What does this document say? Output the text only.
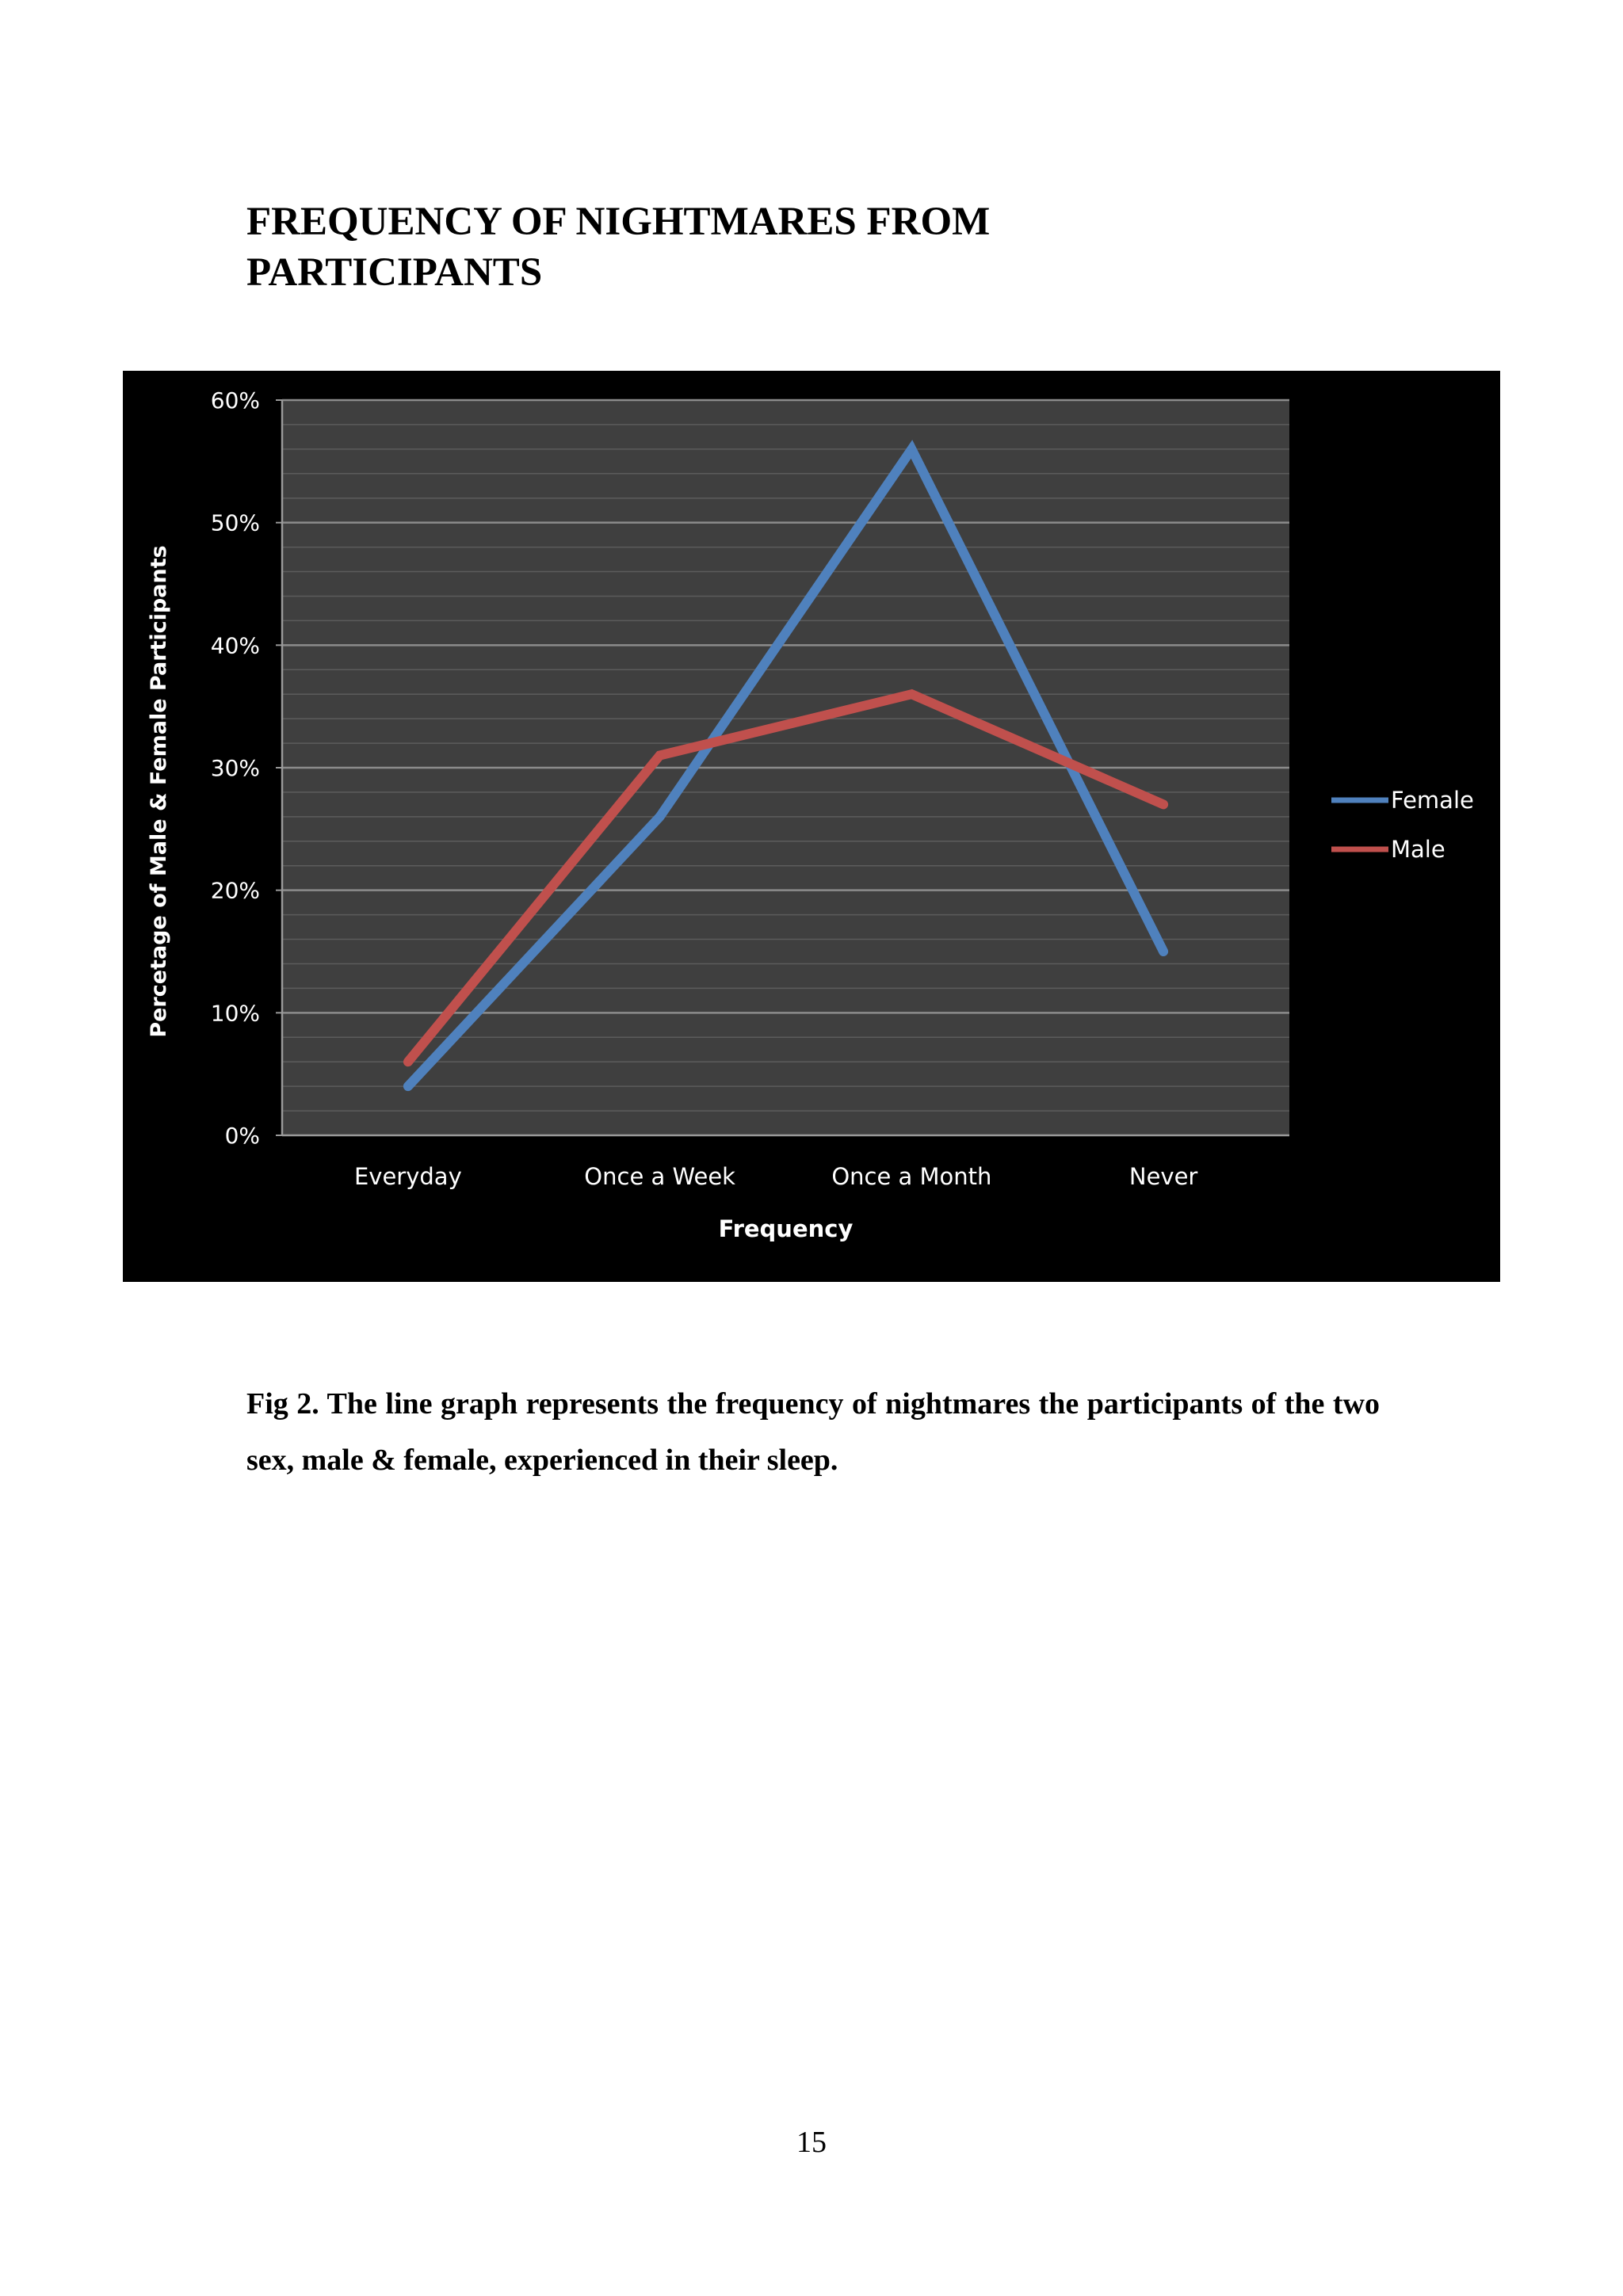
FREQUENCY OF NIGHTMARES FROM
PARTICIPANTS
0%
10%
20%
30%
40%
50%
60%
Everyday	Once a Week	Once a Month	Never
Frequency
Percetage of Male & Female Participants	Female
Male

Fig 2. The line graph represents the frequency of nightmares the participants of the two sex, male & female, experienced in their sleep.

15
